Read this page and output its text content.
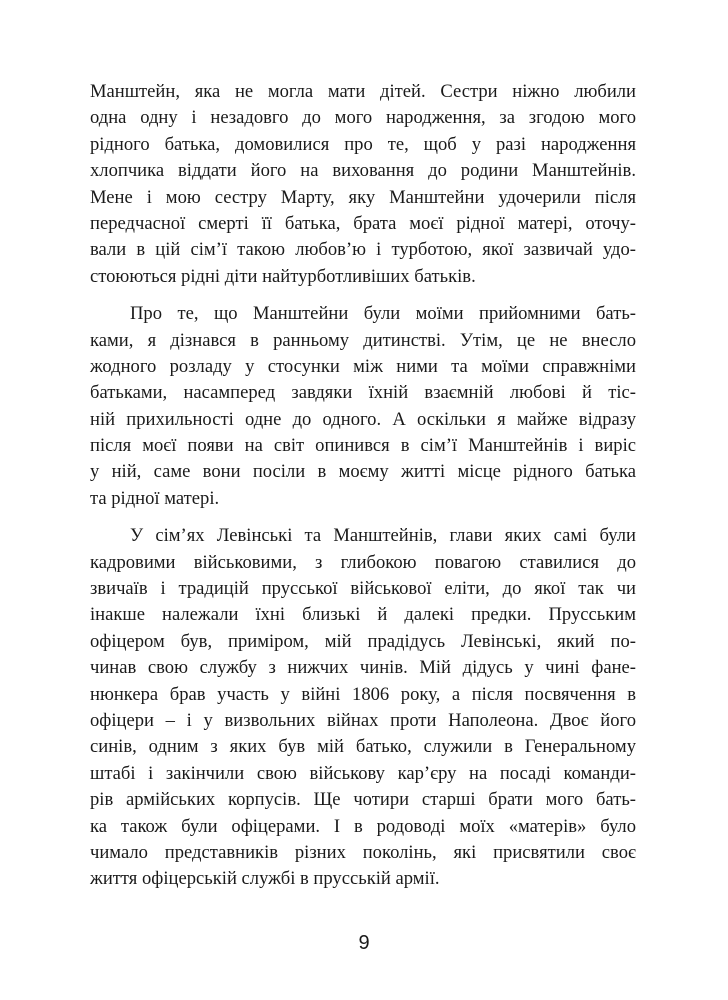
Манштейн, яка не могла мати дітей. Сестри ніжно любили
одна одну і незадовго до мого народження, за згодою мого
рідного батька, домовилися про те, щоб у разі народження
хлопчика віддати його на виховання до родини Манштейнів.
Мене і мою сестру Марту, яку Манштейни удочерили після
передчасної смерті її батька, брата моєї рідної матері, оточу-
вали в цій сім’ї такою любов’ю і турботою, якої зазвичай удо-
стоюються рідні діти найтурботливіших батьків.
Про те, що Манштейни були моїми прийомними бать-
ками, я дізнався в ранньому дитинстві. Утім, це не внесло
жодного розладу у стосунки між ними та моїми справжніми
батьками, насамперед завдяки їхній взаємній любові й тіс-
ній прихильності одне до одного. А оскільки я майже відразу
після моєї появи на світ опинився в сім’ї Манштейнів і виріс
у ній, саме вони посіли в моєму житті місце рідного батька
та рідної матері.
У сім’ях Левінські та Манштейнів, глави яких самі були
кадровими військовими, з глибокою повагою ставилися до
звичаїв і традицій прусської військової еліти, до якої так чи
інакше належали їхні близькі й далекі предки. Прусським
офіцером був, приміром, мій прадідусь Левінські, який по-
чинав свою службу з нижчих чинів. Мій дідусь у чині фане-
нюнкера брав участь у війні 1806 року, а після посвячення в
офіцери – і у визвольних війнах проти Наполеона. Двоє його
синів, одним з яких був мій батько, служили в Генеральному
штабі і закінчили свою військову кар’єру на посаді команди-
рів армійських корпусів. Ще чотири старші брати мого бать-
ка також були офіцерами. І в родоводі моїх «матерів» було
чимало представників різних поколінь, які присвятили своє
життя офіцерській службі в прусській армії.
9
